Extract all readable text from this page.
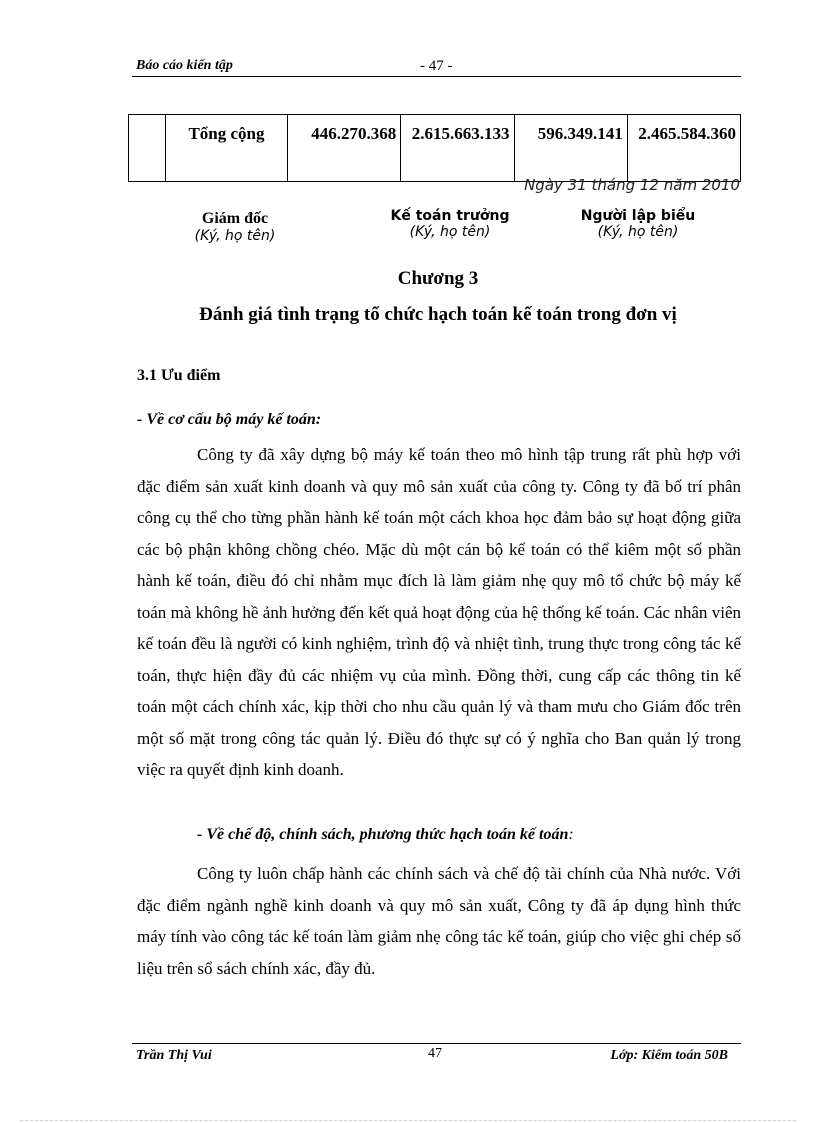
Báo cáo kiến tập	- 47 -
	Tổng cộng	446.270.368	2.615.663.133	596.349.141	2.465.584.360
Ngày 31 tháng 12 năm 2010
Giám đốc
(Ký, họ tên)
Kế toán trưởng
(Ký, họ tên)
Người lập biểu
(Ký, họ tên)
Chương 3
Đánh giá tình trạng tổ chức hạch toán kế toán trong đơn vị
3.1 Ưu điểm
- Về cơ cấu bộ máy kế toán:
Công ty đã xây dựng bộ máy kế toán theo mô hình tập trung rất phù hợp với đặc điểm sản xuất kinh doanh và quy mô sản xuất của công ty. Công ty đã bố trí phân công cụ thể cho từng phần hành kế toán một cách khoa học đảm bảo sự hoạt động giữa các bộ phận không chồng chéo. Mặc dù một cán bộ kế toán có thể kiêm một số phần hành kế toán, điều đó chỉ nhằm mục đích là làm giảm nhẹ quy mô tổ chức bộ máy kế toán mà không hề ảnh hưởng đến kết quả hoạt động của hệ thống kế toán. Các nhân viên kế toán đều là người có kinh nghiệm, trình độ và nhiệt tình, trung thực trong công tác kế toán, thực hiện đầy đủ các nhiệm vụ của mình. Đồng thời, cung cấp các thông tin kế toán một cách chính xác, kịp thời cho nhu cầu quản lý và tham mưu cho Giám đốc trên một số mặt trong công tác quản lý. Điều đó thực sự có ý nghĩa cho Ban quản lý trong việc ra quyết định kinh doanh.
- Về chế độ, chính sách, phương thức hạch toán kế toán:
Công ty luôn chấp hành các chính sách và chế độ tài chính của Nhà nước. Với đặc điểm ngành nghề kinh doanh và quy mô sản xuất, Công ty đã áp dụng hình thức máy tính vào công tác kế toán làm giảm nhẹ công tác kế toán, giúp cho việc ghi chép số liệu trên sổ sách chính xác, đầy đủ.
Trần Thị Vui	47	Lớp: Kiểm toán 50B
